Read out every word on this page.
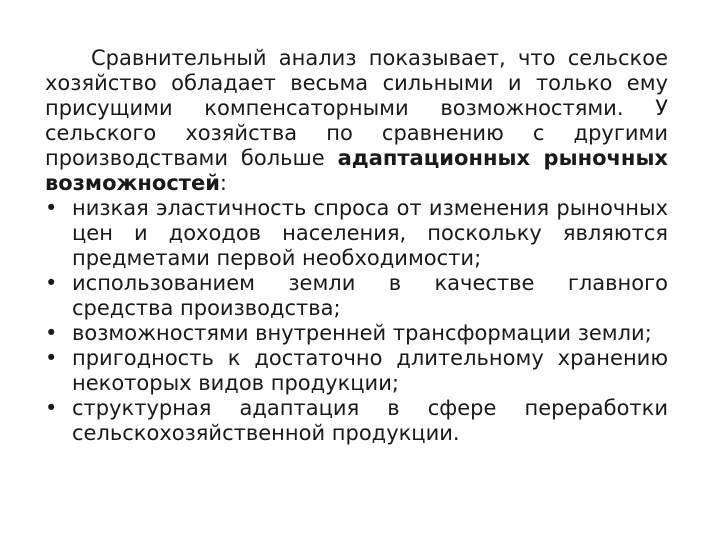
Сравнительный анализ показывает, что сельское хозяйство обладает весьма сильными и только ему присущими компенсаторными возможностями. У сельского хозяйства по сравнению с другими производствами больше адаптационных рыночных возможностей:

• низкая эластичность спроса от изменения рыночных цен и доходов населения, поскольку являются предметами первой необходимости;
• использованием земли в качестве главного средства производства;
• возможностями внутренней трансформации земли;
• пригодность к достаточно длительному хранению некоторых видов продукции;
• структурная адаптация в сфере переработки сельскохозяйственной продукции.
